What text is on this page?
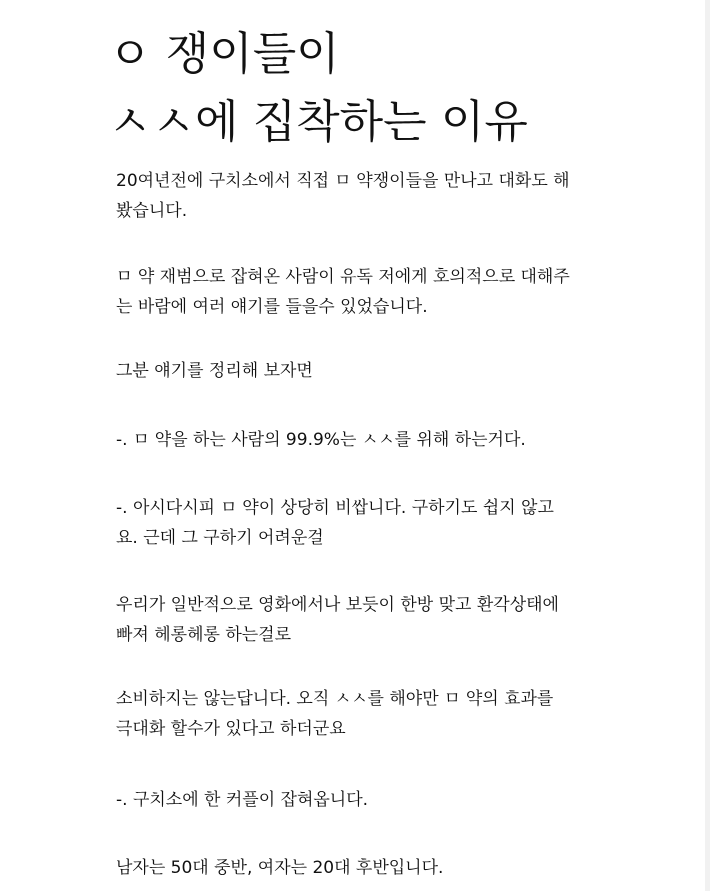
ㅇ 쟁이들이
ㅅㅅ에 집착하는 이유
20여년전에 구치소에서 직접 ㅁ 약쟁이들을 만나고 대화도 해
봤습니다.
ㅁ 약 재범으로 잡혀온 사람이 유독 저에게 호의적으로 대해주
는 바람에 여러 얘기를 들을수 있었습니다.
그분 얘기를 정리해 보자면
-. ㅁ 약을 하는 사람의 99.9%는 ㅅㅅ를 위해 하는거다.
-. 아시다시피 ㅁ 약이 상당히 비쌉니다. 구하기도 쉽지 않고
요. 근데 그 구하기 어려운걸
우리가 일반적으로 영화에서나 보듯이 한방 맞고 환각상태에
빠져 헤롱헤롱 하는걸로
소비하지는 않는답니다. 오직 ㅅㅅ를 해야만 ㅁ 약의 효과를
극대화 할수가 있다고 하더군요
-. 구치소에 한 커플이 잡혀옵니다.
남자는 50대 중반, 여자는 20대 후반입니다.
